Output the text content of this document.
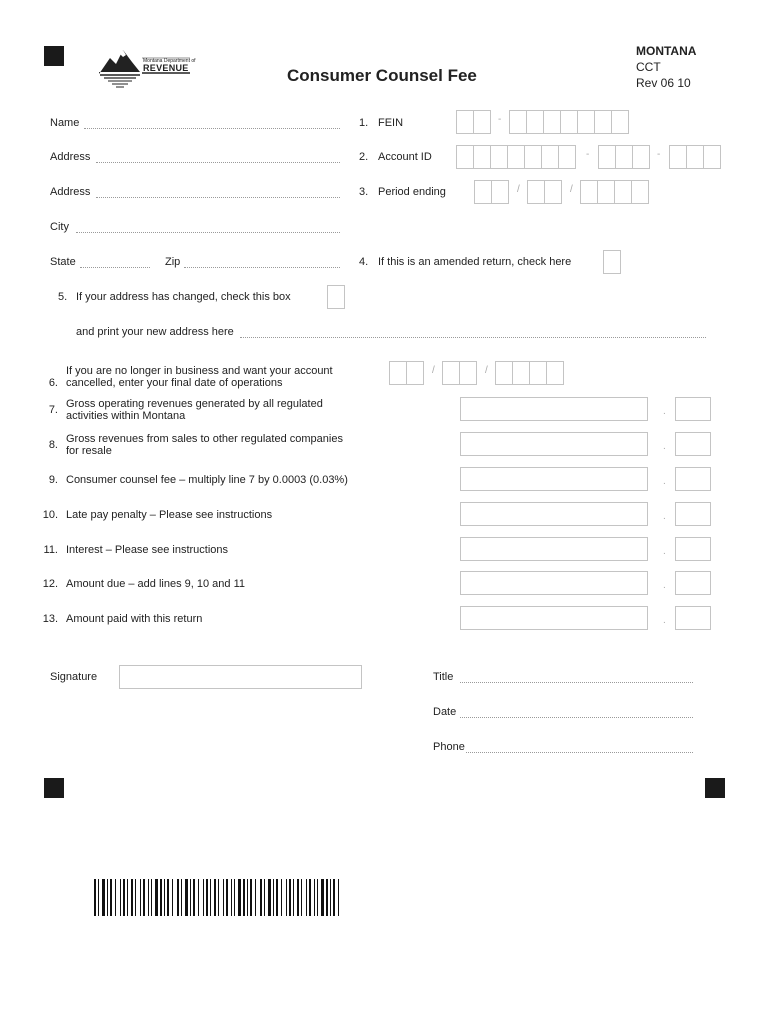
Montana Department of
REVENUE	Consumer Counsel Fee
MONTANA
CCT
Rev 06 10
Name
Address
Address
City
State	Zip
1. FEIN	-
2. Account ID	-	-
3. Period ending	/	/
4. If this is an amended return, check here
5. If your address has changed, check this box
and print your new address here
6.
If you are no longer in business and want your account
cancelled, enter your final date of operations
/	/
7. Gross operating revenues generated by all regulated
activities within Montana	.
8. Gross revenues from sales to other regulated companies
for resale	.
9. Consumer counsel fee – multiply line 7 by 0.0003 (0.03%)	.
10. Late pay penalty – Please see instructions	.
11. Interest – Please see instructions	.
12. Amount due – add lines 9, 10 and 11	.
13. Amount paid with this return	.
Signature	Title
Date
Phone
